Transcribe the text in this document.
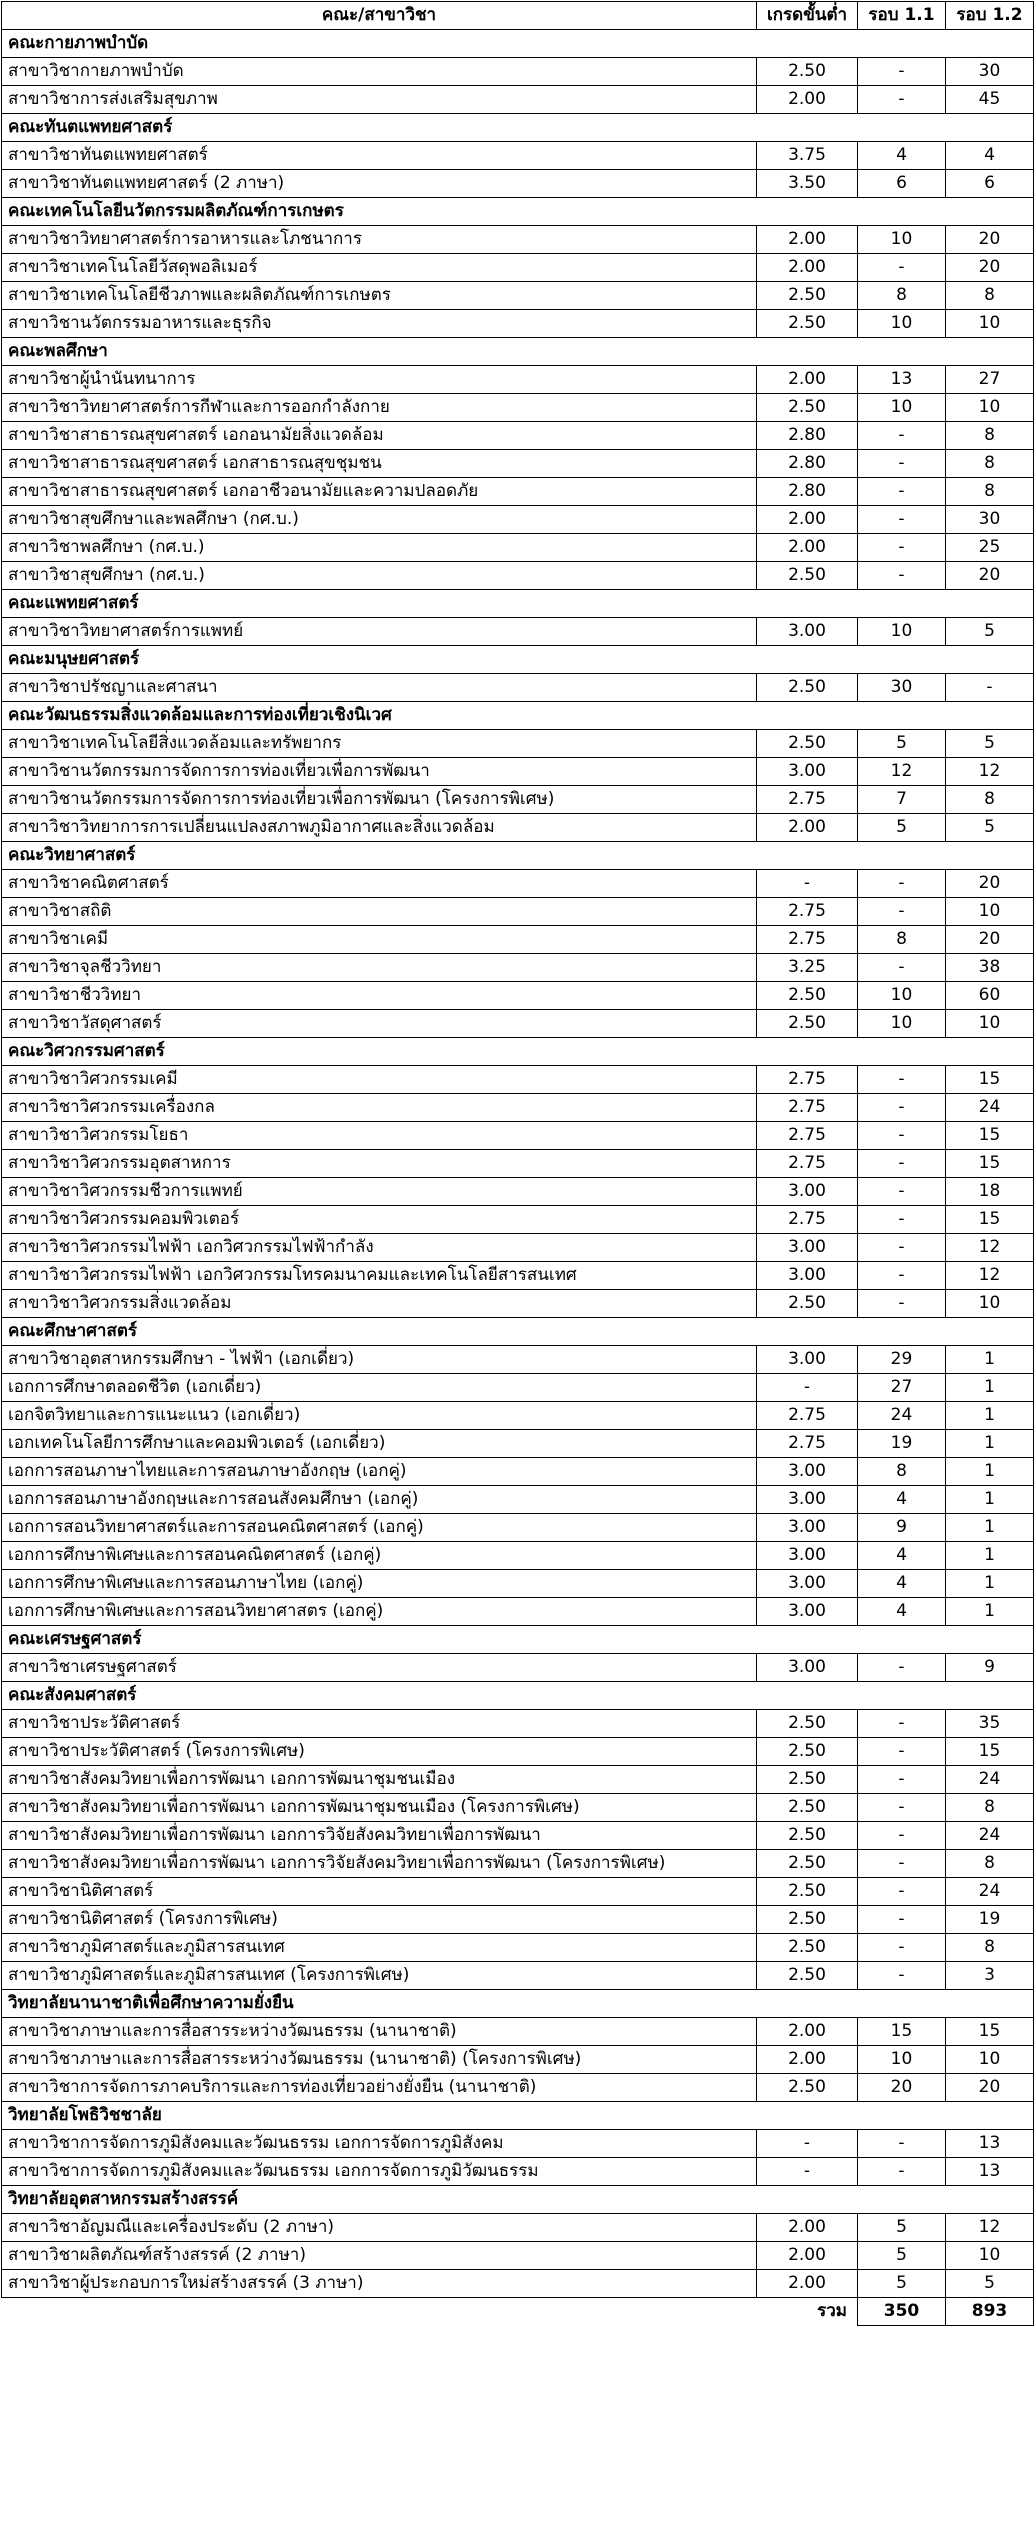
คณะ/สาขาวิชา	เกรดขั้นต่ำ	รอบ 1.1	รอบ 1.2
คณะกายภาพบำบัด			
สาขาวิชากายภาพบำบัด	2.50	-	30
สาขาวิชาการส่งเสริมสุขภาพ	2.00	-	45
คณะทันตแพทยศาสตร์			
สาขาวิชาทันตแพทยศาสตร์	3.75	4	4
สาขาวิชาทันตแพทยศาสตร์ (2 ภาษา)	3.50	6	6
คณะเทคโนโลยีนวัตกรรมผลิตภัณฑ์การเกษตร			
สาขาวิชาวิทยาศาสตร์การอาหารและโภชนาการ	2.00	10	20
สาขาวิชาเทคโนโลยีวัสดุพอลิเมอร์	2.00	-	20
สาขาวิชาเทคโนโลยีชีวภาพและผลิตภัณฑ์การเกษตร	2.50	8	8
สาขาวิชานวัตกรรมอาหารและธุรกิจ	2.50	10	10
คณะพลศึกษา			
สาขาวิชาผู้นำนันทนาการ	2.00	13	27
สาขาวิชาวิทยาศาสตร์การกีฬาและการออกกำลังกาย	2.50	10	10
สาขาวิชาสาธารณสุขศาสตร์ เอกอนามัยสิ่งแวดล้อม	2.80	-	8
สาขาวิชาสาธารณสุขศาสตร์ เอกสาธารณสุขชุมชน	2.80	-	8
สาขาวิชาสาธารณสุขศาสตร์ เอกอาชีวอนามัยและความปลอดภัย	2.80	-	8
สาขาวิชาสุขศึกษาและพลศึกษา (กศ.บ.)	2.00	-	30
สาขาวิชาพลศึกษา (กศ.บ.)	2.00	-	25
สาขาวิชาสุขศึกษา (กศ.บ.)	2.50	-	20
คณะแพทยศาสตร์			
สาขาวิชาวิทยาศาสตร์การแพทย์	3.00	10	5
คณะมนุษยศาสตร์			
สาขาวิชาปรัชญาและศาสนา	2.50	30	-
คณะวัฒนธรรมสิ่งแวดล้อมและการท่องเที่ยวเชิงนิเวศ			
สาขาวิชาเทคโนโลยีสิ่งแวดล้อมและทรัพยากร	2.50	5	5
สาขาวิชานวัตกรรมการจัดการการท่องเที่ยวเพื่อการพัฒนา	3.00	12	12
สาขาวิชานวัตกรรมการจัดการการท่องเที่ยวเพื่อการพัฒนา (โครงการพิเศษ)	2.75	7	8
สาขาวิชาวิทยาการการเปลี่ยนแปลงสภาพภูมิอากาศและสิ่งแวดล้อม	2.00	5	5
คณะวิทยาศาสตร์			
สาขาวิชาคณิตศาสตร์	-	-	20
สาขาวิชาสถิติ	2.75	-	10
สาขาวิชาเคมี	2.75	8	20
สาขาวิชาจุลชีววิทยา	3.25	-	38
สาขาวิชาชีววิทยา	2.50	10	60
สาขาวิชาวัสดุศาสตร์	2.50	10	10
คณะวิศวกรรมศาสตร์			
สาขาวิชาวิศวกรรมเคมี	2.75	-	15
สาขาวิชาวิศวกรรมเครื่องกล	2.75	-	24
สาขาวิชาวิศวกรรมโยธา	2.75	-	15
สาขาวิชาวิศวกรรมอุตสาหการ	2.75	-	15
สาขาวิชาวิศวกรรมชีวการแพทย์	3.00	-	18
สาขาวิชาวิศวกรรมคอมพิวเตอร์	2.75	-	15
สาขาวิชาวิศวกรรมไฟฟ้า เอกวิศวกรรมไฟฟ้ากำลัง	3.00	-	12
สาขาวิชาวิศวกรรมไฟฟ้า เอกวิศวกรรมโทรคมนาคมและเทคโนโลยีสารสนเทศ	3.00	-	12
สาขาวิชาวิศวกรรมสิ่งแวดล้อม	2.50	-	10
คณะศึกษาศาสตร์			
สาขาวิชาอุตสาหกรรมศึกษา - ไฟฟ้า (เอกเดี่ยว)	3.00	29	1
เอกการศึกษาตลอดชีวิต (เอกเดี่ยว)	-	27	1
เอกจิตวิทยาและการแนะแนว (เอกเดี่ยว)	2.75	24	1
เอกเทคโนโลยีการศึกษาและคอมพิวเตอร์ (เอกเดี่ยว)	2.75	19	1
เอกการสอนภาษาไทยและการสอนภาษาอังกฤษ (เอกคู่)	3.00	8	1
เอกการสอนภาษาอังกฤษและการสอนสังคมศึกษา (เอกคู่)	3.00	4	1
เอกการสอนวิทยาศาสตร์และการสอนคณิตศาสตร์ (เอกคู่)	3.00	9	1
เอกการศึกษาพิเศษและการสอนคณิตศาสตร์ (เอกคู่)	3.00	4	1
เอกการศึกษาพิเศษและการสอนภาษาไทย (เอกคู่)	3.00	4	1
เอกการศึกษาพิเศษและการสอนวิทยาศาสตร (เอกคู่)	3.00	4	1
คณะเศรษฐศาสตร์			
สาขาวิชาเศรษฐศาสตร์	3.00	-	9
คณะสังคมศาสตร์			
สาขาวิชาประวัติศาสตร์	2.50	-	35
สาขาวิชาประวัติศาสตร์ (โครงการพิเศษ)	2.50	-	15
สาขาวิชาสังคมวิทยาเพื่อการพัฒนา เอกการพัฒนาชุมชนเมือง	2.50	-	24
สาขาวิชาสังคมวิทยาเพื่อการพัฒนา เอกการพัฒนาชุมชนเมือง (โครงการพิเศษ)	2.50	-	8
สาขาวิชาสังคมวิทยาเพื่อการพัฒนา เอกการวิจัยสังคมวิทยาเพื่อการพัฒนา	2.50	-	24
สาขาวิชาสังคมวิทยาเพื่อการพัฒนา เอกการวิจัยสังคมวิทยาเพื่อการพัฒนา (โครงการพิเศษ)	2.50	-	8
สาขาวิชานิติศาสตร์	2.50	-	24
สาขาวิชานิติศาสตร์ (โครงการพิเศษ)	2.50	-	19
สาขาวิชาภูมิศาสตร์และภูมิสารสนเทศ	2.50	-	8
สาขาวิชาภูมิศาสตร์และภูมิสารสนเทศ (โครงการพิเศษ)	2.50	-	3
วิทยาลัยนานาชาติเพื่อศึกษาความยั่งยืน			
สาขาวิชาภาษาและการสื่อสารระหว่างวัฒนธรรม (นานาชาติ)	2.00	15	15
สาขาวิชาภาษาและการสื่อสารระหว่างวัฒนธรรม (นานาชาติ) (โครงการพิเศษ)	2.00	10	10
สาขาวิชาการจัดการภาคบริการและการท่องเที่ยวอย่างยั่งยืน (นานาชาติ)	2.50	20	20
วิทยาลัยโพธิวิชชาลัย			
สาขาวิชาการจัดการภูมิสังคมและวัฒนธรรม เอกการจัดการภูมิสังคม	-	-	13
สาขาวิชาการจัดการภูมิสังคมและวัฒนธรรม เอกการจัดการภูมิวัฒนธรรม	-	-	13
วิทยาลัยอุตสาหกรรมสร้างสรรค์			
สาขาวิชาอัญมณีและเครื่องประดับ (2 ภาษา)	2.00	5	12
สาขาวิชาผลิตภัณฑ์สร้างสรรค์ (2 ภาษา)	2.00	5	10
สาขาวิชาผู้ประกอบการใหม่สร้างสรรค์ (3 ภาษา)	2.00	5	5
รวม		350	893
